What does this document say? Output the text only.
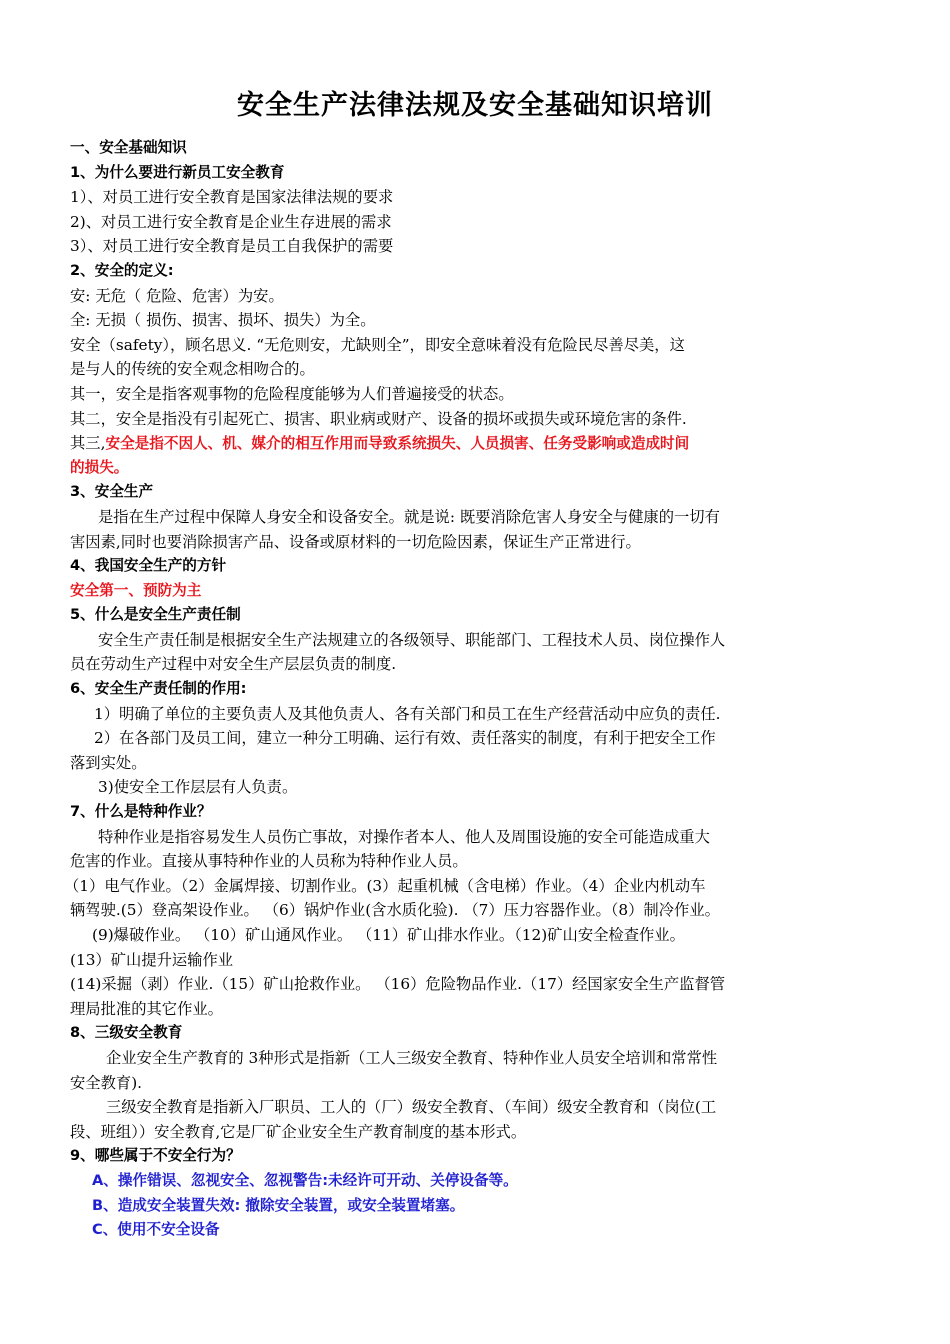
安全生产法律法规及安全基础知识培训
一、安全基础知识
1、为什么要进行新员工安全教育
1）、对员工进行安全教育是国家法律法规的要求
2)、对员工进行安全教育是企业生存进展的需求
3）、对员工进行安全教育是员工自我保护的需要
2、安全的定义:
安: 无危（ 危险、危害）为安。
全: 无损（ 损伤、损害、损坏、损失）为全。
安全（safety），顾名思义. “无危则安，尤缺则全”，即安全意味着没有危险民尽善尽美，这
是与人的传统的安全观念相吻合的。
其一，安全是指客观事物的危险程度能够为人们普遍接受的状态。
其二，安全是指没有引起死亡、损害、职业病或财产、设备的损坏或损失或环境危害的条件.
其三,安全是指不因人、机、媒介的相互作用而导致系统损失、人员损害、任务受影响或造成时间
的损失。
3、安全生产
是指在生产过程中保障人身安全和设备安全。就是说: 既要消除危害人身安全与健康的一切有
害因素,同时也要消除损害产品、设备或原材料的一切危险因素，保证生产正常进行。
4、我国安全生产的方针
安全第一、预防为主
5、什么是安全生产责任制
安全生产责任制是根据安全生产法规建立的各级领导、职能部门、工程技术人员、岗位操作人
员在劳动生产过程中对安全生产层层负责的制度.
6、安全生产责任制的作用:
1）明确了单位的主要负责人及其他负责人、各有关部门和员工在生产经营活动中应负的责任.
2）在各部门及员工间，建立一种分工明确、运行有效、责任落实的制度，有利于把安全工作
落到实处。
3)使安全工作层层有人负责。
7、什么是特种作业？
特种作业是指容易发生人员伤亡事故，对操作者本人、他人及周围设施的安全可能造成重大
危害的作业。直接从事特种作业的人员称为特种作业人员。
（1）电气作业。（2）金属焊接、切割作业。(3）起重机械（含电梯）作业。（4）企业内机动车
辆驾驶.(5）登高架设作业。 （6）锅炉作业(含水质化验). （7）压力容器作业。（8）制冷作业。
(9)爆破作业。 （10）矿山通风作业。 （11）矿山排水作业。（12)矿山安全检查作业。
(13）矿山提升运输作业
(14)采掘（剥）作业.（15）矿山抢救作业。 （16）危险物品作业.（17）经国家安全生产监督管
理局批准的其它作业。
8、三级安全教育
企业安全生产教育的 3种形式是指新（工人三级安全教育、特种作业人员安全培训和常常性
安全教育).
三级安全教育是指新入厂职员、工人的（厂）级安全教育、（车间）级安全教育和（岗位(工
段、班组））安全教育,它是厂矿企业安全生产教育制度的基本形式。
9、哪些属于不安全行为？
A、操作错误、忽视安全、忽视警告:未经许可开动、关停设备等。
B、造成安全装置失效: 撤除安全装置，或安全装置堵塞。
C、使用不安全设备
